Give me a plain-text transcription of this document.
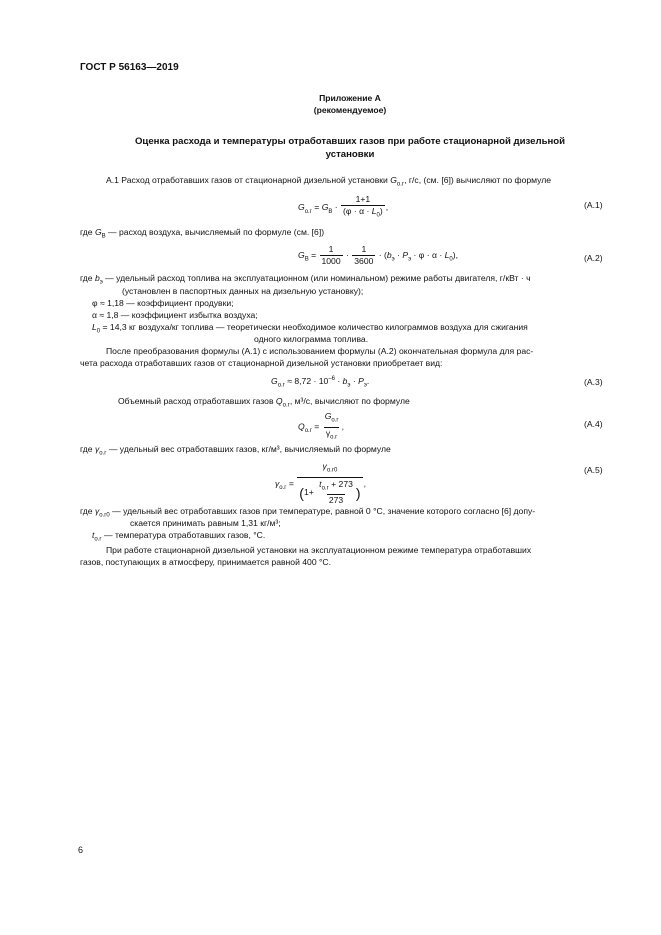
ГОСТ Р 56163—2019
Приложение А
(рекомендуемое)
Оценка расхода и температуры отработавших газов при работе стационарной дизельной
установки
А.1 Расход отработавших газов от стационарной дизельной установки $G_{о.г}$, г/с, (см. [6]) вычисляют по формуле
$G_{о.г} = G_В \cdot \frac{1+1}{(\varphi \cdot \alpha \cdot L_0)}$ ,	(А.1)
где $G_В$ — расход воздуха, вычисляемый по формуле (см. [6])
$G_В = \frac{1}{1000} \cdot \frac{1}{3600} \cdot (b_э \cdot P_э \cdot \varphi \cdot \alpha \cdot L_0)$,	(А.2)
где $b_э$ — удельный расход топлива на эксплуатационном (или номинальном) режиме работы двигателя, г/кВт · ч
(установлен в паспортных данных на дизельную установку);
φ ≈ 1,18 — коэффициент продувки;
α ≈ 1,8 — коэффициент избытка воздуха;
$L_0 = 14,3$ кг воздуха/кг топлива — теоретически необходимое количество килограммов воздуха для сжигания
одного килограмма топлива.
После преобразования формулы (А.1) с использованием формулы (А.2) окончательная формула для рас-
чета расхода отработавших газов от стационарной дизельной установки приобретает вид:
$G_{о.г} \approx 8,72 \cdot 10^{-6} \cdot b_э \cdot P_э$.	(А.3)
Объемный расход отработавших газов $Q_{о.г}$, м³/с, вычисляют по формуле
$Q_{о.г} = \frac{G_{о.г}}{\gamma_{о.г}}$ ,	(А.4)
где $\gamma_{о.г}$ — удельный вес отработавших газов, кг/м³, вычисляемый по формуле
$\gamma_{о.г} = \frac{\gamma_{о.г0}}{(1+ \frac{t_{о.г} + 273}{273} )}$ ,
(А.5)
где $\gamma_{о.г0}$ — удельный вес отработавших газов при температуре, равной 0 °С, значение которого согласно [6] допу-
скается принимать равным 1,31 кг/м³;
$t_{о.г}$ — температура отработавших газов, °С.
При работе стационарной дизельной установки на эксплуатационном режиме температура отработавших
газов, поступающих в атмосферу, принимается равной 400 °С.
6
